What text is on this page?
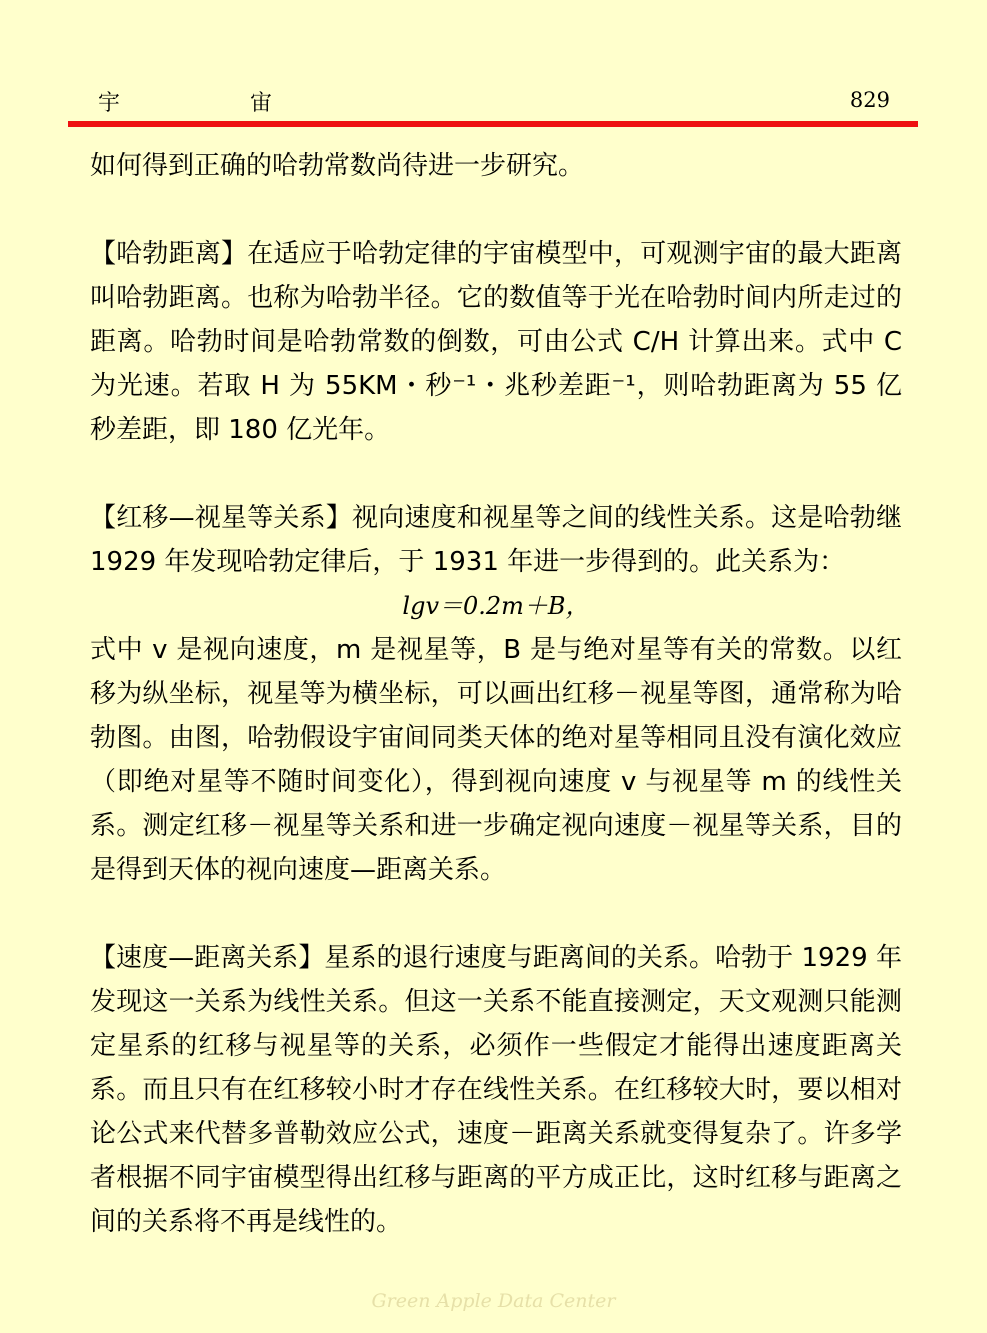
宇宙	829

如何得到正确的哈勃常数尚待进一步研究。

【哈勃距离】在适应于哈勃定律的宇宙模型中，可观测宇宙的最大距离叫哈勃距离。也称为哈勃半径。它的数值等于光在哈勃时间内所走过的距离。哈勃时间是哈勃常数的倒数，可由公式 C/H 计算出来。式中 C 为光速。若取 H 为 55KM・秒⁻¹・兆秒差距⁻¹，则哈勃距离为 55 亿秒差距，即 180 亿光年。

【红移—视星等关系】视向速度和视星等之间的线性关系。这是哈勃继 1929 年发现哈勃定律后，于 1931 年进一步得到的。此关系为：

lgv＝0.2m＋B，

式中 v 是视向速度，m 是视星等，B 是与绝对星等有关的常数。以红移为纵坐标，视星等为横坐标，可以画出红移－视星等图，通常称为哈勃图。由图，哈勃假设宇宙间同类天体的绝对星等相同且没有演化效应（即绝对星等不随时间变化），得到视向速度 v 与视星等 m 的线性关系。测定红移－视星等关系和进一步确定视向速度－视星等关系，目的是得到天体的视向速度—距离关系。

【速度—距离关系】星系的退行速度与距离间的关系。哈勃于 1929 年发现这一关系为线性关系。但这一关系不能直接测定，天文观测只能测定星系的红移与视星等的关系，必须作一些假定才能得出速度距离关系。而且只有在红移较小时才存在线性关系。在红移较大时，要以相对论公式来代替多普勒效应公式，速度－距离关系就变得复杂了。许多学者根据不同宇宙模型得出红移与距离的平方成正比，这时红移与距离之间的关系将不再是线性的。

Green Apple Data Center
